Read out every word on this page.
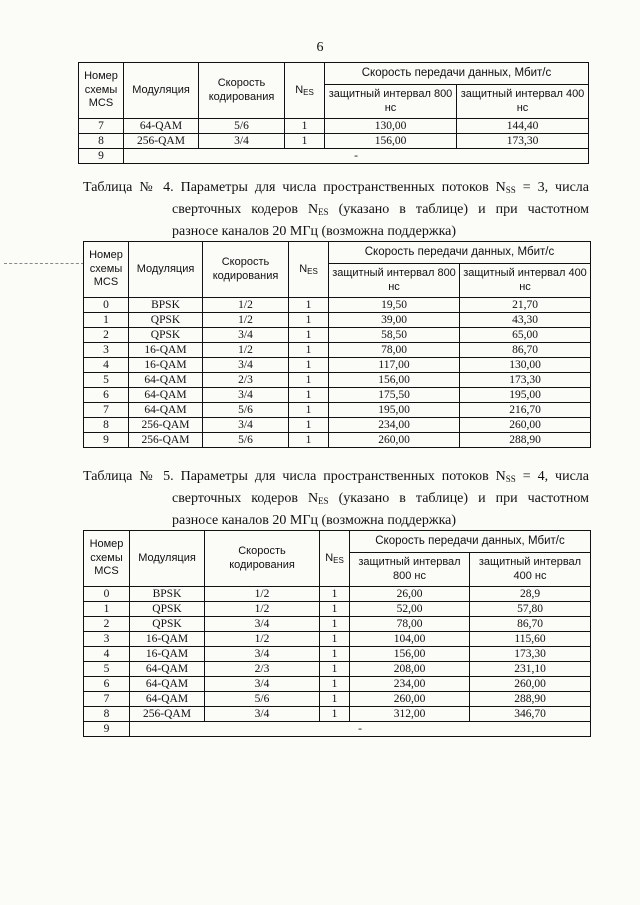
6
Номер схемы MCS	Модуляция	Скорость кодирования	$N_{ES}$	Скорость передачи данных, Мбит/с	
				защитный интервал 800 нс	защитный интервал 400 нс
7	64-QAM	5/6	1	130,00	144,40
8	256-QAM	3/4	1	156,00	173,30
9	-				
Таблица № 4. Параметры для числа пространственных потоков $N_{SS} = 3$, числа
сверточных кодеров $N_{ES}$ (указано в таблице) и при частотном
разносе каналов 20 МГц (возможна поддержка)
Номер схемы MCS	Модуляция	Скорость кодирования	$N_{ES}$	Скорость передачи данных, Мбит/с	
				защитный интервал 800 нс	защитный интервал 400 нс
0	BPSK	1/2	1	19,50	21,70
1	QPSK	1/2	1	39,00	43,30
2	QPSK	3/4	1	58,50	65,00
3	16-QAM	1/2	1	78,00	86,70
4	16-QAM	3/4	1	117,00	130,00
5	64-QAM	2/3	1	156,00	173,30
6	64-QAM	3/4	1	175,50	195,00
7	64-QAM	5/6	1	195,00	216,70
8	256-QAM	3/4	1	234,00	260,00
9	256-QAM	5/6	1	260,00	288,90
Таблица № 5. Параметры для числа пространственных потоков $N_{SS} = 4$, числа
сверточных кодеров $N_{ES}$ (указано в таблице) и при частотном
разносе каналов 20 МГц (возможна поддержка)
Номер схемы MCS	Модуляция	Скорость кодирования	$N_{ES}$	Скорость передачи данных, Мбит/с	
				защитный интервал 800 нс	защитный интервал 400 нс
0	BPSK	1/2	1	26,00	28,9
1	QPSK	1/2	1	52,00	57,80
2	QPSK	3/4	1	78,00	86,70
3	16-QAM	1/2	1	104,00	115,60
4	16-QAM	3/4	1	156,00	173,30
5	64-QAM	2/3	1	208,00	231,10
6	64-QAM	3/4	1	234,00	260,00
7	64-QAM	5/6	1	260,00	288,90
8	256-QAM	3/4	1	312,00	346,70
9	-				
